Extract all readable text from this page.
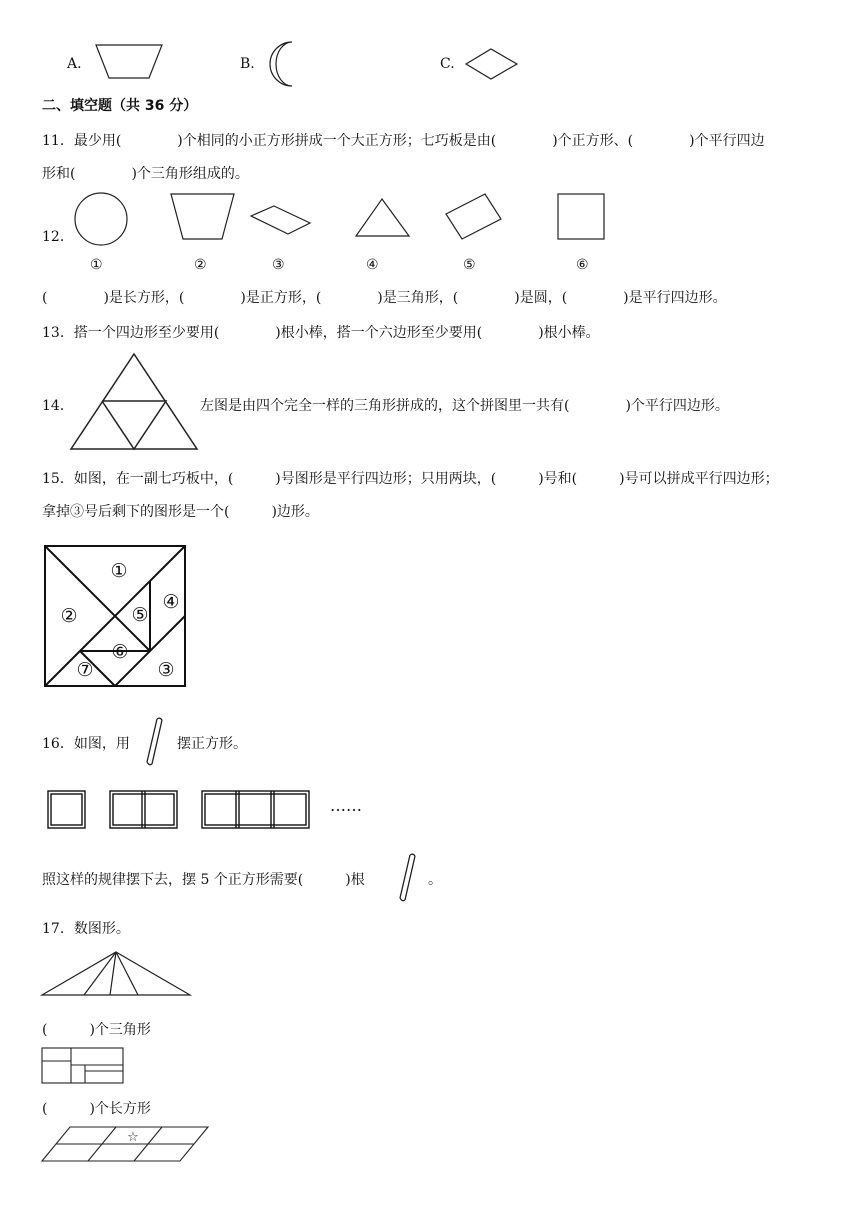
A.	B.	C.
二、填空题（共 36 分）
11．最少用(　　　　)个相同的小正方形拼成一个大正方形；七巧板是由(　　　　)个正方形、(　　　　)个平行四边
形和(　　　　)个三角形组成的。
12．
①	②	③	④	⑤	⑥
(　　　　)是长方形，(　　　　)是正方形，(　　　　)是三角形，(　　　　)是圆，(　　　　)是平行四边形。
13．搭一个四边形至少要用(　　　　)根小棒，搭一个六边形至少要用(　　　　)根小棒。
14．	左图是由四个完全一样的三角形拼成的，这个拼图里一共有(　　　　)个平行四边形。
15．如图，在一副七巧板中，(　　　)号图形是平行四边形；只用两块，(　　　)号和(　　　)号可以拼成平行四边形；
拿掉③号后剩下的图形是一个(　　　)边形。
①
②
③
④
⑤
⑥
⑦
16．如图，用	摆正方形。
……
照这样的规律摆下去，摆 5 个正方形需要(　　　)根	。
17．数图形。
(　　　)个三角形
(　　　)个长方形
☆
